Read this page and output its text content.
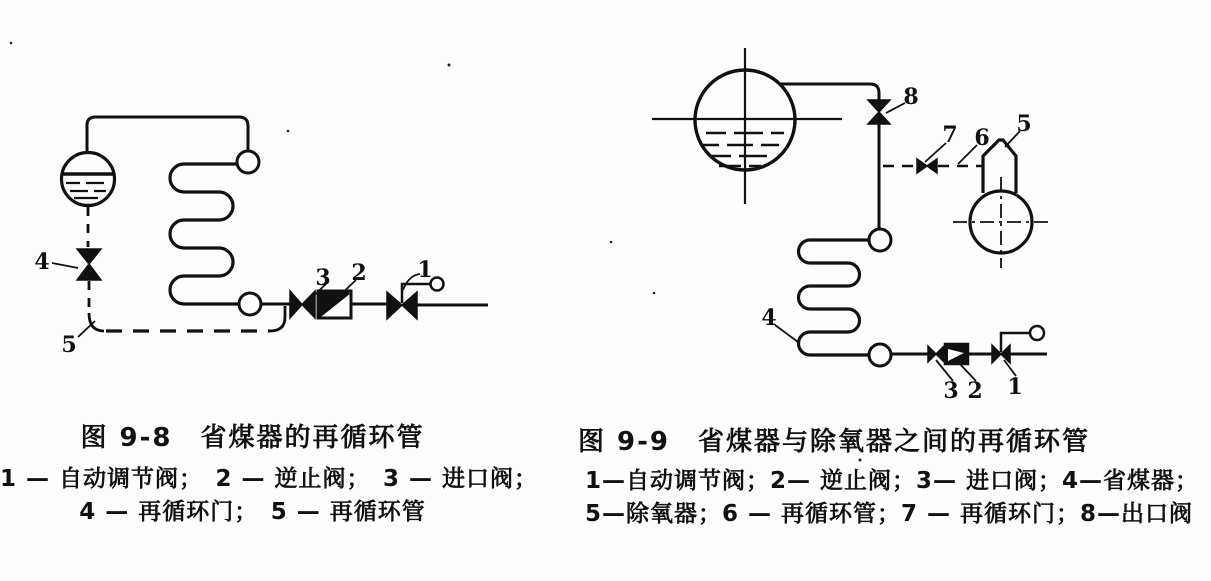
4
5
3 2 1
8
7 6
5
4
3 2 1
图 9-8　省煤器的再循环管
1 — 自动调节阀；　2 — 逆止阀；　3 — 进口阀；
4 — 再循环门；　5 — 再循环管
图 9-9　省煤器与除氧器之间的再循环管
1—自动调节阀；2— 逆止阀；3— 进口阀；4—省煤器；
5—除氧器；6 — 再循环管；7 — 再循环门；8—出口阀
